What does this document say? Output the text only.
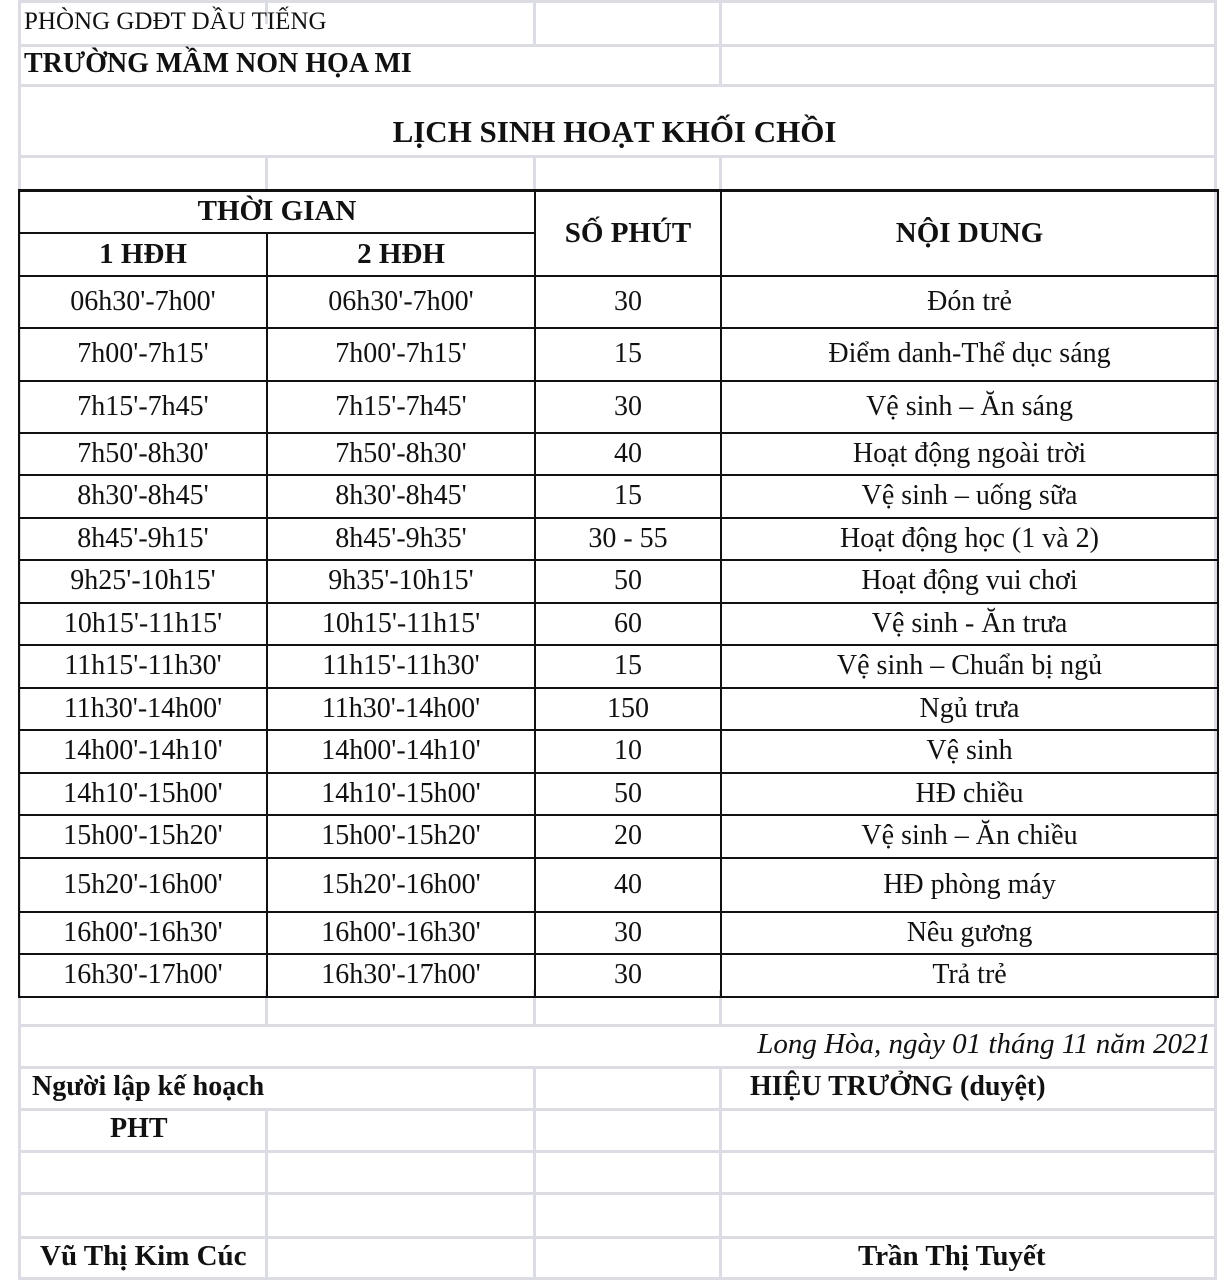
PHÒNG GDĐT DẦU TIẾNG
TRƯỜNG MẦM NON HỌA MI
LỊCH SINH HOẠT KHỐI CHỒI
THỜI GIAN		SỐ PHÚT	NỘI DUNG
1 HĐH	2 HĐH		
06h30'-7h00'	06h30'-7h00'	30	Đón trẻ
7h00'-7h15'	7h00'-7h15'	15	Điểm danh-Thể dục sáng
7h15'-7h45'	7h15'-7h45'	30	Vệ sinh – Ăn sáng
7h50'-8h30'	7h50'-8h30'	40	Hoạt động ngoài trời
8h30'-8h45'	8h30'-8h45'	15	Vệ sinh – uống sữa
8h45'-9h15'	8h45'-9h35'	30 - 55	Hoạt động học (1 và 2)
9h25'-10h15'	9h35'-10h15'	50	Hoạt động vui chơi
10h15'-11h15'	10h15'-11h15'	60	Vệ sinh - Ăn trưa
11h15'-11h30'	11h15'-11h30'	15	Vệ sinh – Chuẩn bị ngủ
11h30'-14h00'	11h30'-14h00'	150	Ngủ trưa
14h00'-14h10'	14h00'-14h10'	10	Vệ sinh
14h10'-15h00'	14h10'-15h00'	50	HĐ chiều
15h00'-15h20'	15h00'-15h20'	20	Vệ sinh – Ăn chiều
15h20'-16h00'	15h20'-16h00'	40	HĐ phòng máy
16h00'-16h30'	16h00'-16h30'	30	Nêu gương
16h30'-17h00'	16h30'-17h00'	30	Trả trẻ
Long Hòa, ngày 01 tháng 11 năm 2021
Người lập kế hoạch	HIỆU TRƯỞNG (duyệt)
PHT
Vũ Thị Kim Cúc	Trần Thị Tuyết
